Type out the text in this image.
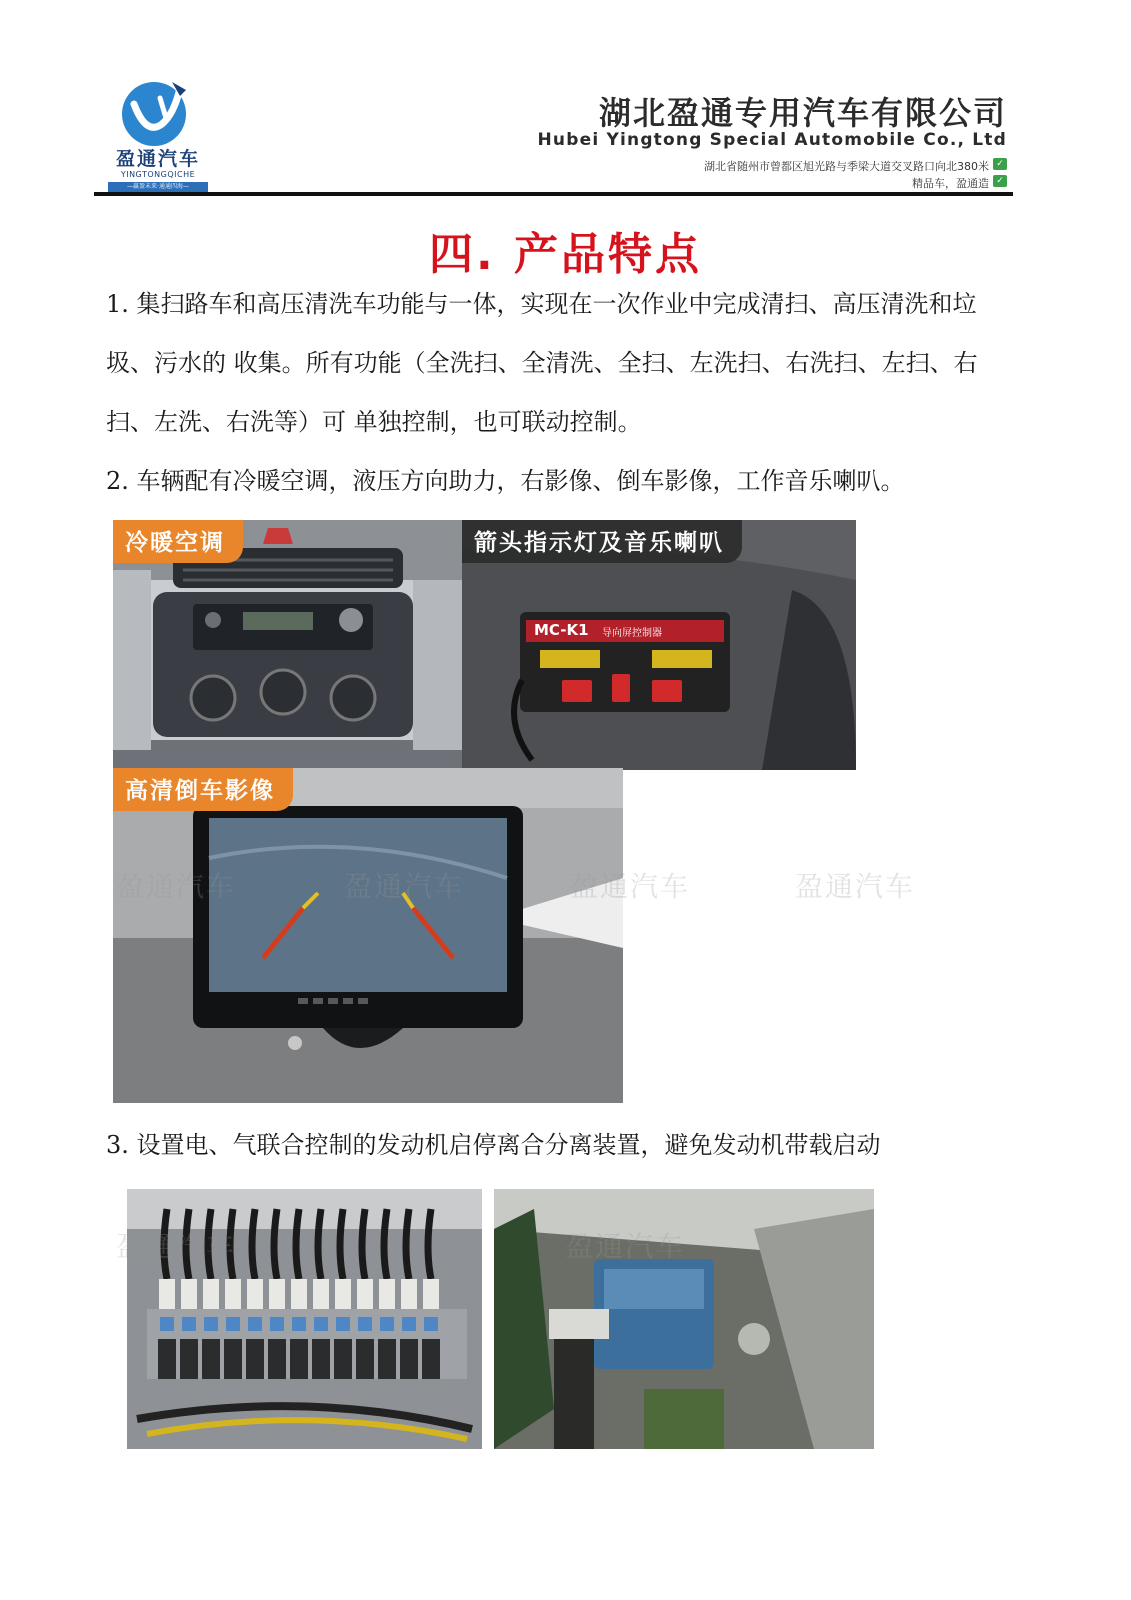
盈通汽车
YINGTONGQICHE
—赢盈未来·通通四海—
湖北盈通专用汽车有限公司
Hubei Yingtong Special Automobile Co., Ltd
湖北省随州市曾都区旭光路与季梁大道交叉路口向北380米 ✓
精品车，盈通造 ✓
四. 产品特点
1. 集扫路车和高压清洗车功能与一体，实现在一次作业中完成清扫、高压清洗和垃圾、污水的 收集。所有功能（全洗扫、全清洗、全扫、左洗扫、右洗扫、左扫、右扫、左洗、右洗等）可 单独控制，也可联动控制。
2. 车辆配有冷暖空调，液压方向助力，右影像、倒车影像，工作音乐喇叭。
冷暖空调
MC-K1 导向屏控制器
箭头指示灯及音乐喇叭
高清倒车影像
盈通汽车	盈通汽车	盈通汽车	盈通汽车
3. 设置电、气联合控制的发动机启停离合分离装置，避免发动机带载启动
盈通汽车	盈通汽车
